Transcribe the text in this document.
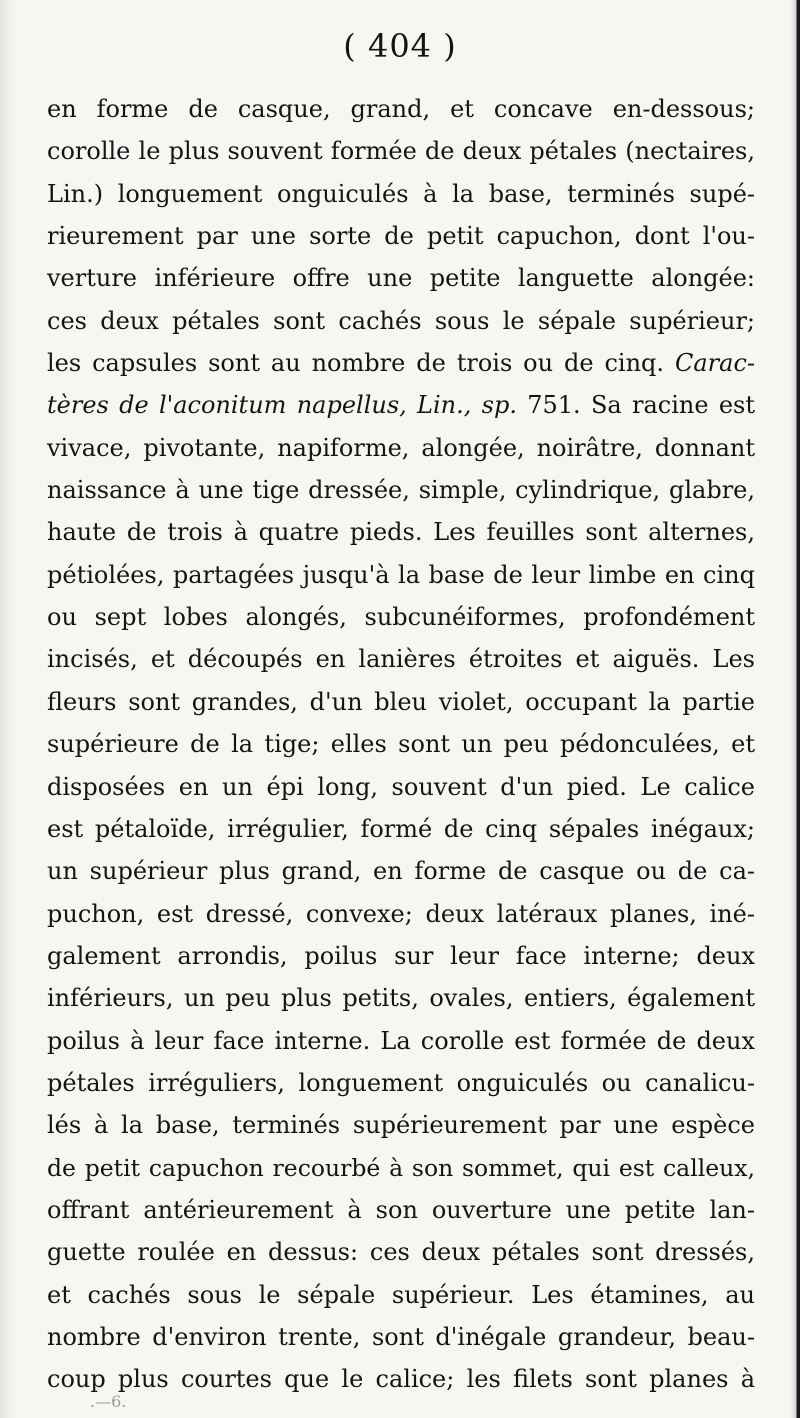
( 404 )
en forme de casque, grand, et concave en-dessous;
corolle le plus souvent formée de deux pétales (nectaires,
Lin.) longuement onguiculés à la base, terminés supé-
rieurement par une sorte de petit capuchon, dont l'ou-
verture inférieure offre une petite languette alongée:
ces deux pétales sont cachés sous le sépale supérieur;
les capsules sont au nombre de trois ou de cinq. Carac-
tères de l'aconitum napellus, Lin., sp. 751. Sa racine est
vivace, pivotante, napiforme, alongée, noirâtre, donnant
naissance à une tige dressée, simple, cylindrique, glabre,
haute de trois à quatre pieds. Les feuilles sont alternes,
pétiolées, partagées jusqu'à la base de leur limbe en cinq
ou sept lobes alongés, subcunéiformes, profondément
incisés, et découpés en lanières étroites et aiguës. Les
fleurs sont grandes, d'un bleu violet, occupant la partie
supérieure de la tige; elles sont un peu pédonculées, et
disposées en un épi long, souvent d'un pied. Le calice
est pétaloïde, irrégulier, formé de cinq sépales inégaux;
un supérieur plus grand, en forme de casque ou de ca-
puchon, est dressé, convexe; deux latéraux planes, iné-
galement arrondis, poilus sur leur face interne; deux
inférieurs, un peu plus petits, ovales, entiers, également
poilus à leur face interne. La corolle est formée de deux
pétales irréguliers, longuement onguiculés ou canalicu-
lés à la base, terminés supérieurement par une espèce
de petit capuchon recourbé à son sommet, qui est calleux,
offrant antérieurement à son ouverture une petite lan-
guette roulée en dessus: ces deux pétales sont dressés,
et cachés sous le sépale supérieur. Les étamines, au
nombre d'environ trente, sont d'inégale grandeur, beau-
coup plus courtes que le calice; les filets sont planes à
.—6.
